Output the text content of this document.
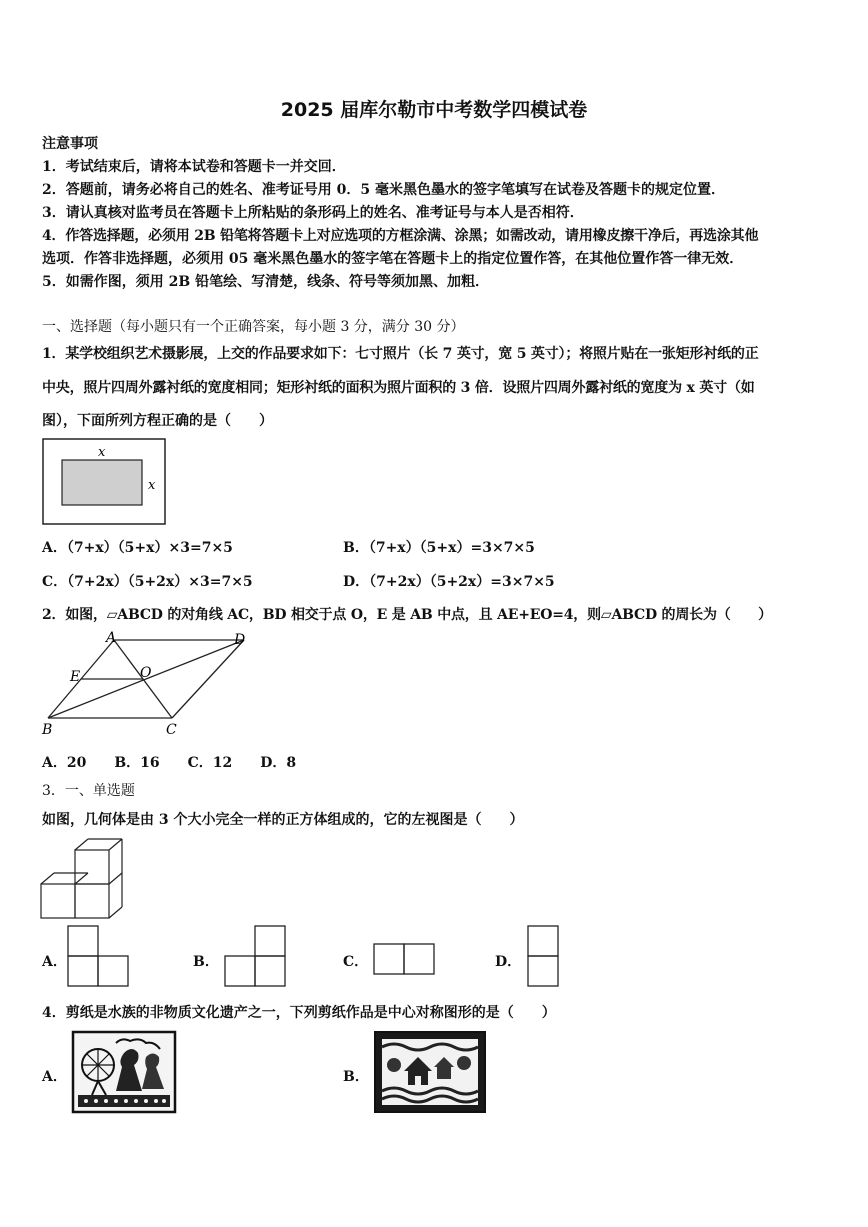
2025 届库尔勒市中考数学四模试卷
注意事项
1．考试结束后，请将本试卷和答题卡一并交回．
2．答题前，请务必将自己的姓名、准考证号用 0．5 毫米黑色墨水的签字笔填写在试卷及答题卡的规定位置．
3．请认真核对监考员在答题卡上所粘贴的条形码上的姓名、准考证号与本人是否相符．
4．作答选择题，必须用 2B 铅笔将答题卡上对应选项的方框涂满、涂黑；如需改动，请用橡皮擦干净后，再选涂其他
选项．作答非选择题，必须用 05 毫米黑色墨水的签字笔在答题卡上的指定位置作答，在其他位置作答一律无效．
5．如需作图，须用 2B 铅笔绘、写清楚，线条、符号等须加黑、加粗．
一、选择题（每小题只有一个正确答案，每小题 3 分，满分 30 分）
1．某学校组织艺术摄影展，上交的作品要求如下：七寸照片（长 7 英寸，宽 5 英寸）；将照片贴在一张矩形衬纸的正
中央，照片四周外露衬纸的宽度相同；矩形衬纸的面积为照片面积的 3 倍．设照片四周外露衬纸的宽度为 x 英寸（如
图），下面所列方程正确的是（　　）
x
x
A．（7+x）（5+x）×3=7×5	B．（7+x）（5+x）=3×7×5
C．（7+2x）（5+2x）×3=7×5	D．（7+2x）（5+2x）=3×7×5
2．如图，▱ABCD 的对角线 AC，BD 相交于点 O，E 是 AB 中点，且 AE+EO=4，则▱ABCD 的周长为（　　）
A	D
E	O
B	C
A．20　　B．16　　C．12　　D．8
3．一、单选题
如图，几何体是由 3 个大小完全一样的正方体组成的，它的左视图是（　　）
A．	B．	C．	D．
4．剪纸是水族的非物质文化遗产之一，下列剪纸作品是中心对称图形的是（　　）
A．	B．
